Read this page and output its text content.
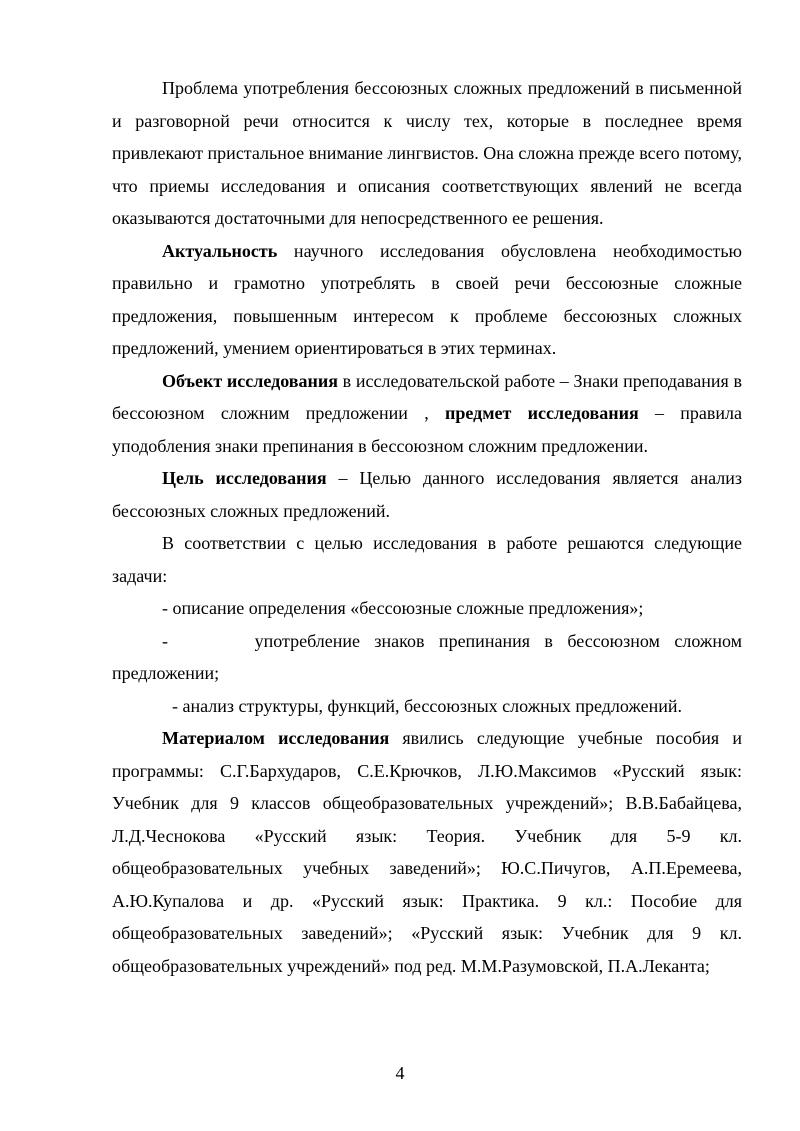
Проблема употребления бессоюзных сложных предложений в письменной и разговорной речи относится к числу тех, которые в последнее время привлекают пристальное внимание лингвистов. Она сложна прежде всего потому, что приемы исследования и описания соответствующих явлений не всегда оказываются достаточными для непосредственного ее решения.

Актуальность научного исследования обусловлена необходимостью правильно и грамотно употреблять в своей речи бессоюзные сложные предложения, повышенным интересом к проблеме бессоюзных сложных предложений, умением ориентироваться в этих терминах.

Объект исследования в исследовательской работе – Знаки преподавания в бессоюзном сложним предложении , предмет исследования – правила уподобления знаки препинания в бессоюзном сложним предложении.

Цель исследования – Целью данного исследования является анализ бессоюзных сложных предложений.

В соответствии с целью исследования в работе решаются следующие задачи:

- описание определения «бессоюзные сложные предложения»;

-      употребление знаков препинания в бессоюзном сложном предложении;

- анализ структуры, функций, бессоюзных сложных предложений.

Материалом исследования явились следующие учебные пособия и программы: С.Г.Бархударов, С.Е.Крючков, Л.Ю.Максимов «Русский язык: Учебник для 9 классов общеобразовательных учреждений»; В.В.Бабайцева, Л.Д.Чеснокова «Русский язык: Теория. Учебник для 5-9 кл. общеобразовательных учебных заведений»; Ю.С.Пичугов, А.П.Еремеева, А.Ю.Купалова и др. «Русский язык: Практика. 9 кл.: Пособие для общеобразовательных заведений»; «Русский язык: Учебник для 9 кл. общеобразовательных учреждений» под ред. М.М.Разумовской, П.А.Леканта;

4
